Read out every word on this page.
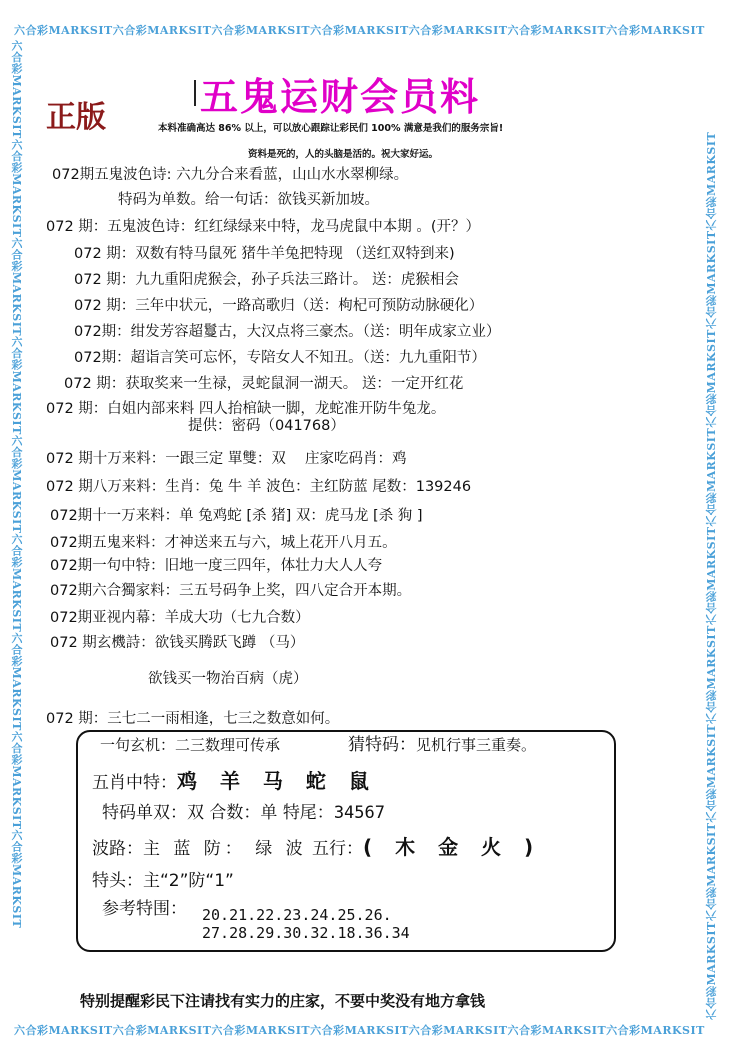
六合彩MARKSIT六合彩MARKSIT六合彩MARKSIT六合彩MARKSIT六合彩MARKSIT六合彩MARKSIT六合彩MARKSIT
六合彩MARKSIT六合彩MARKSIT六合彩MARKSIT六合彩MARKSIT六合彩MARKSIT六合彩MARKSIT六合彩MARKSIT
六合彩MARKSIT六合彩MARKSIT六合彩MARKSIT六合彩MARKSIT六合彩MARKSIT六合彩MARKSIT六合彩MARKSIT六合彩MARKSIT六合彩MARKSIT	六合彩MARKSIT六合彩MARKSIT六合彩MARKSIT六合彩MARKSIT六合彩MARKSIT六合彩MARKSIT六合彩MARKSIT六合彩MARKSIT六合彩MARKSIT
正版 五鬼运财会员料
本料准确高达 86% 以上，可以放心跟踪让彩民们 100% 满意是我们的服务宗旨!
资料是死的，人的头脑是活的。祝大家好运。
072期五鬼波色诗: 六九分合来看蓝，山山水水翠柳绿。
特码为单数。给一句话：欲钱买新加坡。
072 期：五鬼波色诗：红红绿绿来中特，龙马虎鼠中本期 。(开？）
072 期：双数有特马鼠死 猪牛羊兔把特现 （送红双特到来)
072 期：九九重阳虎猴会，孙子兵法三路计。 送：虎猴相会
072 期：三年中状元，一路高歌归（送：枸杞可预防动脉硬化）
072期：绀发芳容超鬘古，大汉点将三豪杰。（送：明年成家立业）
072期：超诣言笑可忘怀，专陪女人不知丑。（送：九九重阳节）
072 期：获取奖来一生禄，灵蛇鼠洞一湖天。 送：一定开红花
072 期：白姐内部来料 四人抬棺缺一脚，龙蛇准开防牛兔龙。
提供：密码（041768）
072 期十万来料：一跟三定 單雙：双 　庄家吃码肖：鸡
072 期八万来料：生肖：兔 牛 羊 波色：主红防蓝 尾数：139246
072期十一万来料：单 兔鸡蛇 [杀 猪] 双：虎马龙 [杀 狗 ]
072期五鬼来料：才神送来五与六，城上花开八月五。
072期一句中特：旧地一度三四年，体壮力大人人夸
072期六合獨家料：三五号码争上奖，四八定合开本期。
072期亚视内幕：羊成大功（七九合数）
072 期玄機詩：欲钱买腾跃飞蹲 （马）
欲钱买一物治百病（虎）
072 期：三七二一雨相逢，七三之数意如何。
一句玄机：二三数理可传承	猜特码：见机行事三重奏。
五肖中特：鸡 羊 马 蛇 鼠
特码单双：双 合数：单 特尾：34567
波路：主 蓝 防： 绿 波 五行：( 木 金 火 )
特头：主“2”防“1”
参考特围： 20.21.22.23.24.25.26.
27.28.29.30.32.18.36.34
特别提醒彩民下注请找有实力的庄家，不要中奖没有地方拿钱
